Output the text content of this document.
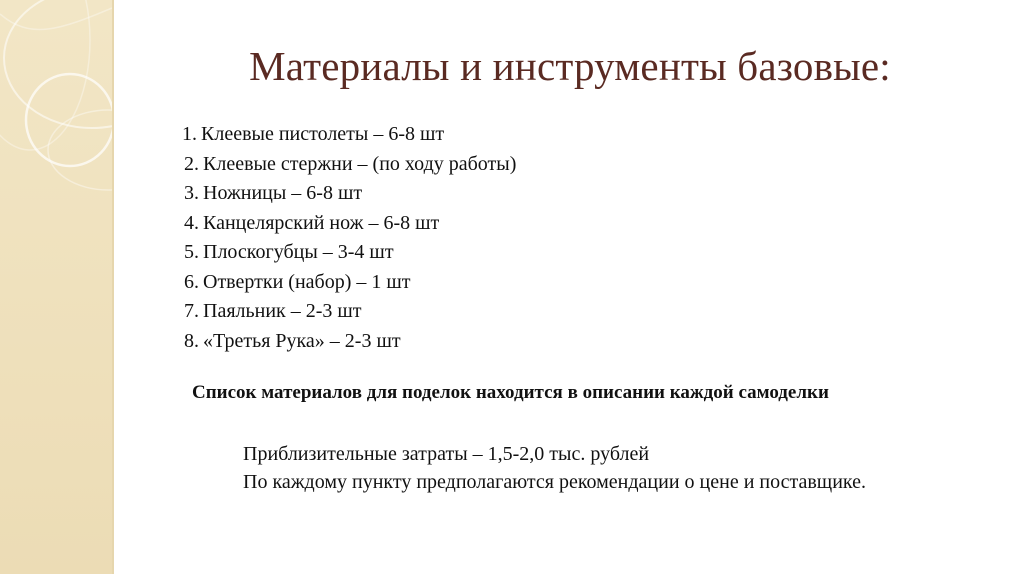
Материалы и инструменты базовые:
1. Клеевые пистолеты – 6-8 шт
2. Клеевые стержни – (по ходу работы)
3. Ножницы – 6-8 шт
4. Канцелярский нож – 6-8 шт
5. Плоскогубцы – 3-4 шт
6. Отвертки (набор) – 1 шт
7. Паяльник – 2-3 шт
8. «Третья Рука» – 2-3 шт
Список материалов для поделок находится в описании каждой самоделки
Приблизительные затраты – 1,5-2,0 тыс. рублей
По каждому пункту предполагаются рекомендации о цене и поставщике.
